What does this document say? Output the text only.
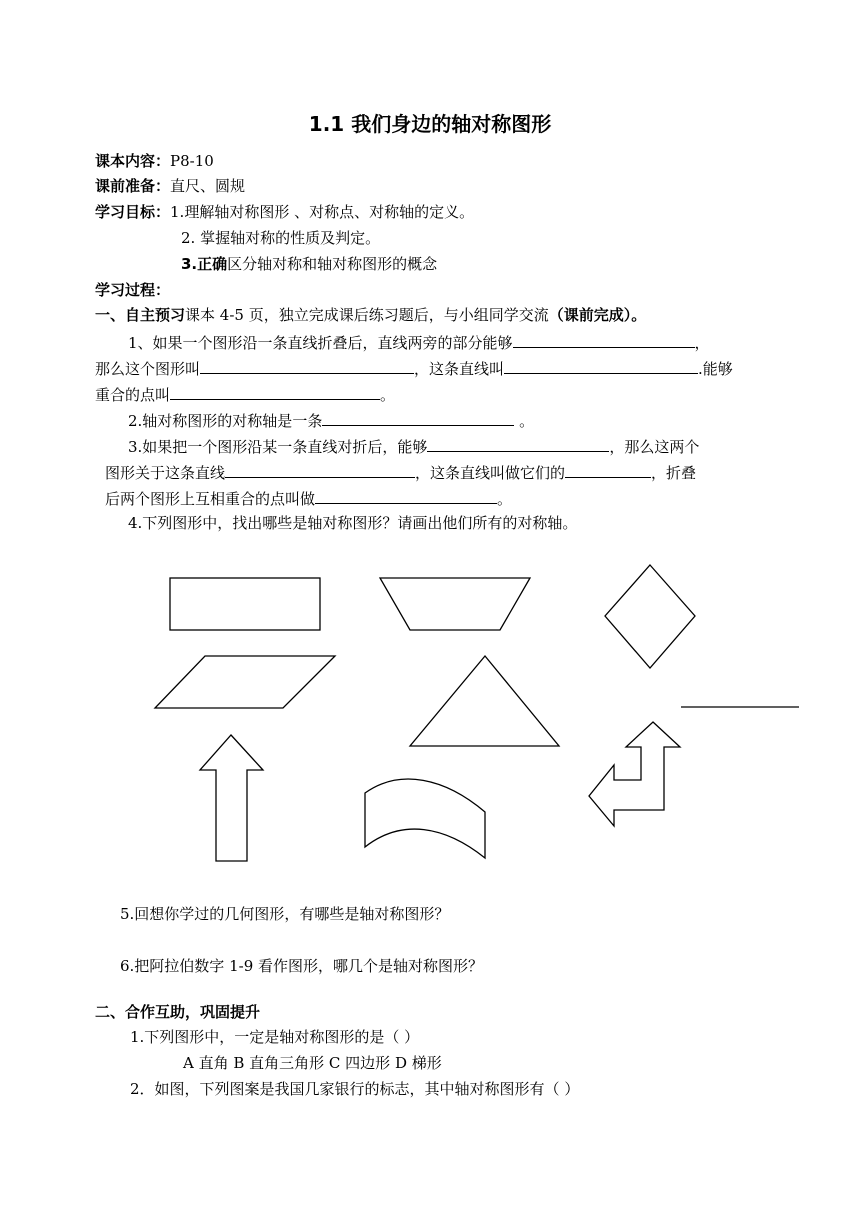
1.1 我们身边的轴对称图形
课本内容：P8-10
课前准备：直尺、圆规
学习目标：1.理解轴对称图形 、对称点、对称轴的定义。
2. 掌握轴对称的性质及判定。
3.正确区分轴对称和轴对称图形的概念
学习过程：
一、自主预习课本 4-5 页，独立完成课后练习题后，与小组同学交流（课前完成）。
1、如果一个图形沿一条直线折叠后，直线两旁的部分能够	，
那么这个图形叫	，这条直线叫	.能够
重合的点叫	。
2.轴对称图形的对称轴是一条	。
3.如果把一个图形沿某一条直线对折后，能够	，那么这两个
图形关于这条直线	，这条直线叫做它们的	，折叠
后两个图形上互相重合的点叫做	。
4.下列图形中，找出哪些是轴对称图形？请画出他们所有的对称轴。
5.回想你学过的几何图形，有哪些是轴对称图形？
6.把阿拉伯数字 1-9 看作图形，哪几个是轴对称图形？
二、合作互助，巩固提升
1.下列图形中，一定是轴对称图形的是（ ）
A 直角 B 直角三角形 C 四边形 D 梯形
2．如图，下列图案是我国几家银行的标志，其中轴对称图形有（ ）
